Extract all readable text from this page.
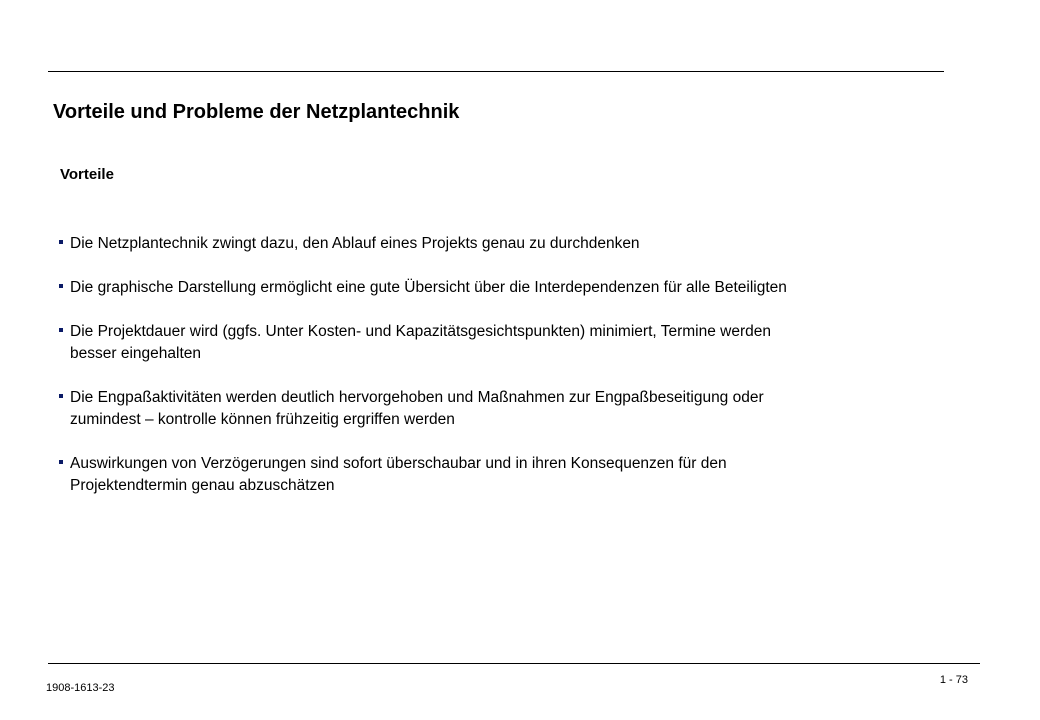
Vorteile und Probleme der Netzplantechnik
Vorteile
Die Netzplantechnik zwingt dazu, den Ablauf eines Projekts genau zu durchdenken
Die graphische Darstellung ermöglicht eine gute Übersicht über die Interdependenzen für alle Beteiligten
Die Projektdauer wird (ggfs. Unter Kosten- und Kapazitätsgesichtspunkten) minimiert, Termine werden
besser eingehalten
Die Engpaßaktivitäten werden deutlich hervorgehoben und Maßnahmen zur Engpaßbeseitigung oder
zumindest – kontrolle können frühzeitig ergriffen werden
Auswirkungen von Verzögerungen sind sofort überschaubar und in ihren Konsequenzen für den
Projektendtermin genau abzuschätzen
1 - 73
1908-1613-23
